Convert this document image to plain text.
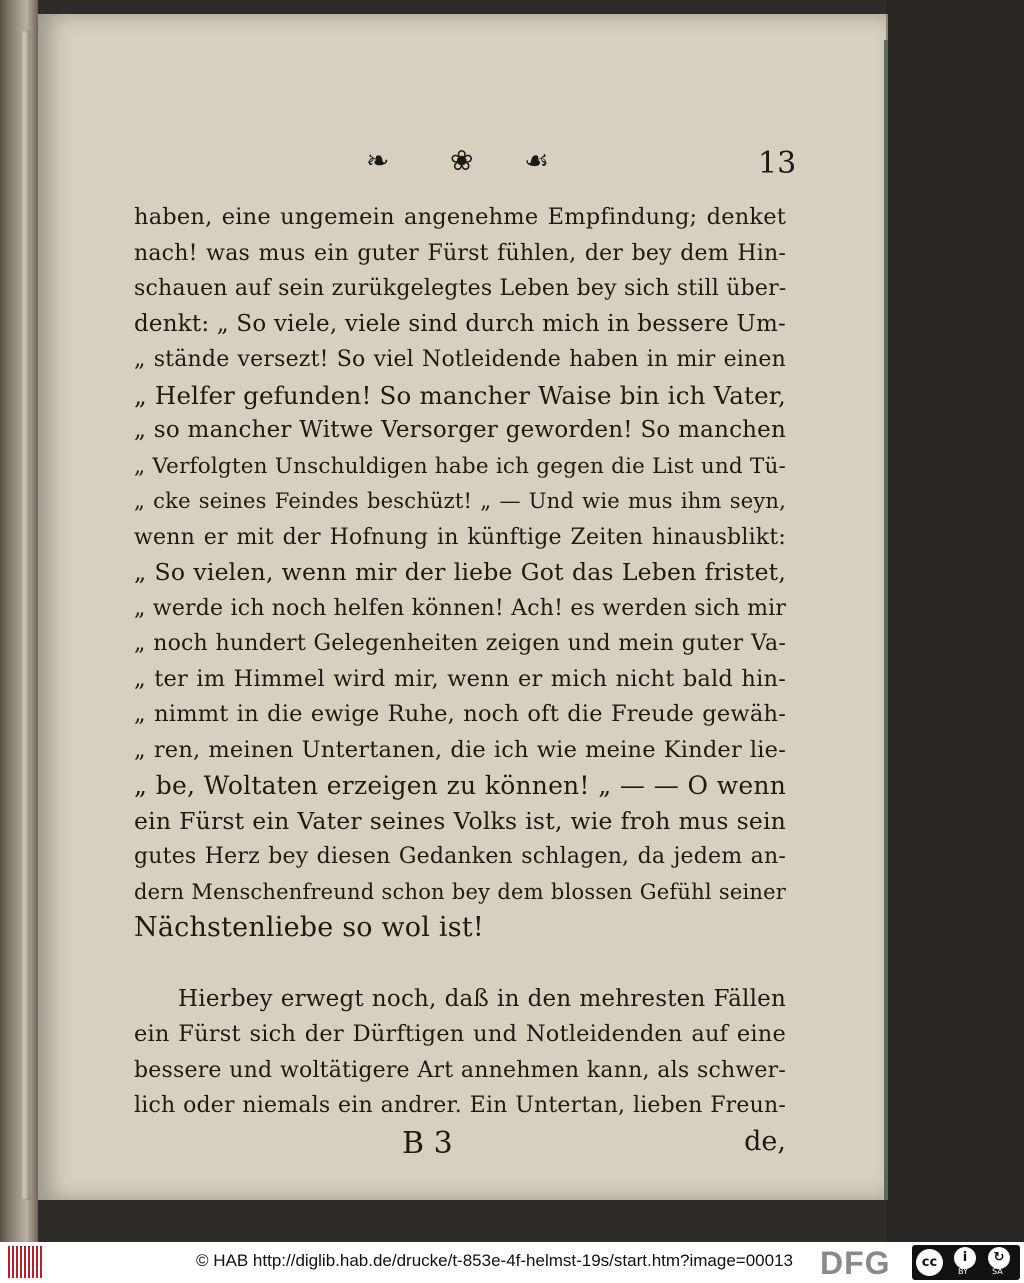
❧ ❀ ☙	13
haben, eine ungemein angenehme Empfindung; denket
nach! was mus ein guter Fürst fühlen, der bey dem Hin-
schauen auf sein zurükgelegtes Leben bey sich still über-
denkt: „ So viele, viele sind durch mich in bessere Um-
„ stände versezt! So viel Notleidende haben in mir einen
„ Helfer gefunden! So mancher Waise bin ich Vater,
„ so mancher Witwe Versorger geworden! So manchen
„ Verfolgten Unschuldigen habe ich gegen die List und Tü-
„ cke seines Feindes beschüzt! „ — Und wie mus ihm seyn,
wenn er mit der Hofnung in künftige Zeiten hinausblikt:
„ So vielen, wenn mir der liebe Got das Leben fristet,
„ werde ich noch helfen können! Ach! es werden sich mir
„ noch hundert Gelegenheiten zeigen und mein guter Va-
„ ter im Himmel wird mir, wenn er mich nicht bald hin-
„ nimmt in die ewige Ruhe, noch oft die Freude gewäh-
„ ren, meinen Untertanen, die ich wie meine Kinder lie-
„ be, Woltaten erzeigen zu können! „ — — O wenn
ein Fürst ein Vater seines Volks ist, wie froh mus sein
gutes Herz bey diesen Gedanken schlagen, da jedem an-
dern Menschenfreund schon bey dem blossen Gefühl seiner
Nächstenliebe so wol ist!
Hierbey erwegt noch, daß in den mehresten Fällen
ein Fürst sich der Dürftigen und Notleidenden auf eine
bessere und woltätigere Art annehmen kann, als schwer-
lich oder niemals ein andrer. Ein Untertan, lieben Freun-
B 3	de,
© HAB http://diglib.hab.de/drucke/t-853e-4f-helmst-19s/start.htm?image=00013 DFG	cc	i	↻
BY	SA
